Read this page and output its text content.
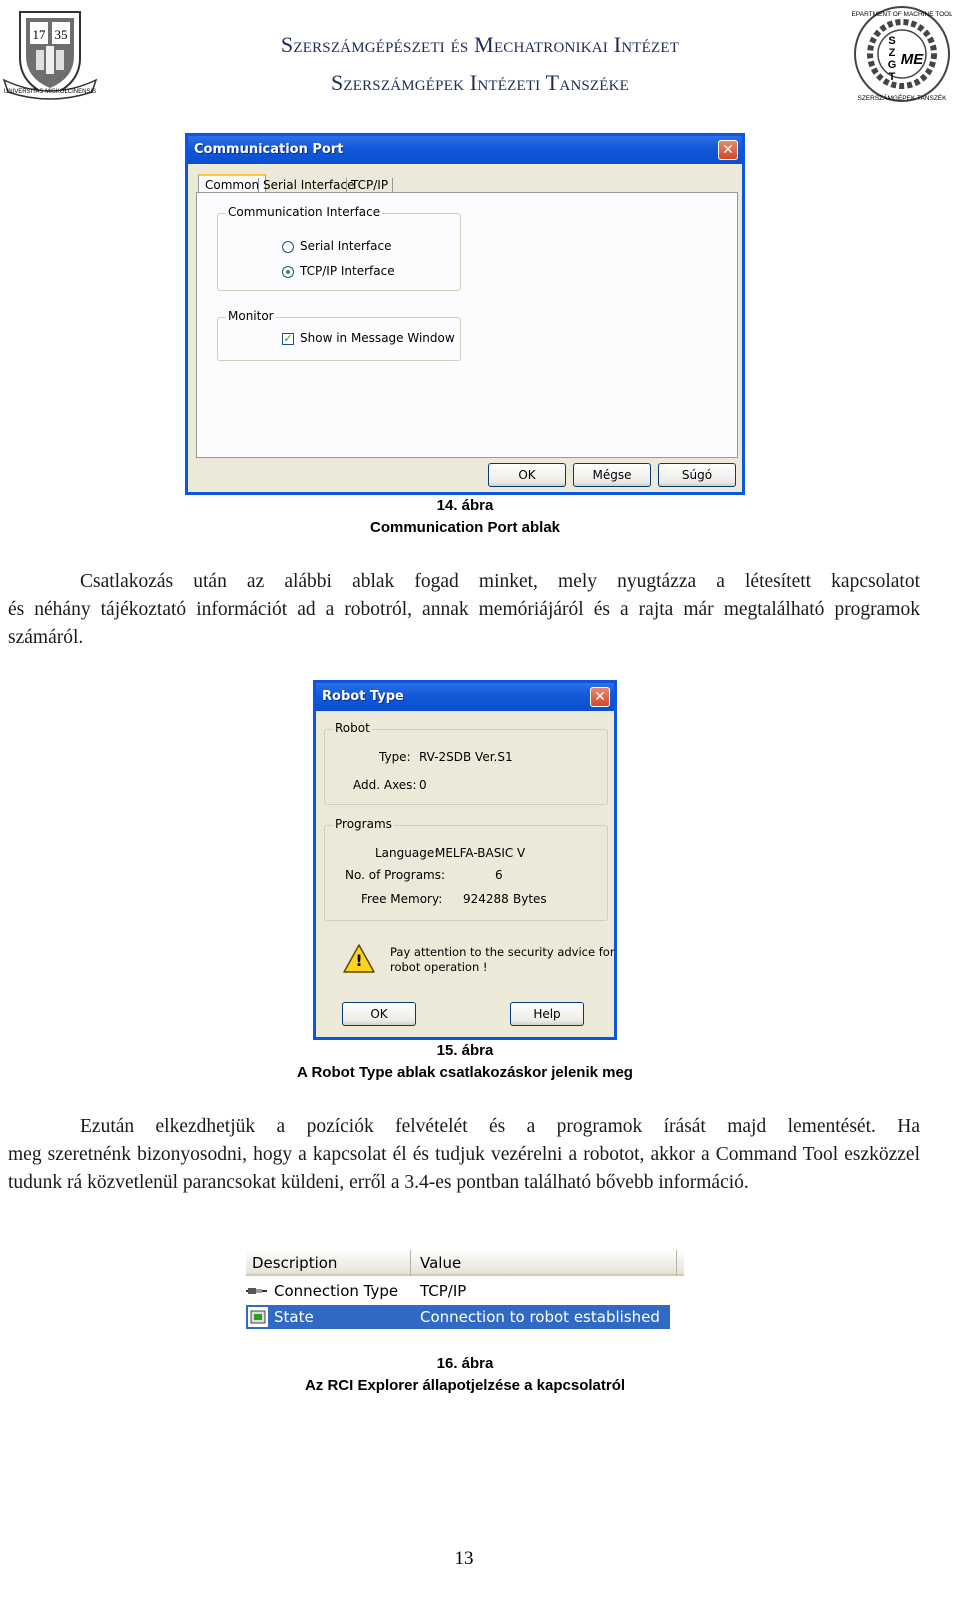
17 35
UNIVERSITAS MISKOLCINENSIS
Szerszámgépészeti és Mechatronikai Intézet
Szerszámgépek Intézeti Tanszéke
DEPARTMENT OF MACHINE TOOLS
SZERSZÁMGÉPEK TANSZÉK
S
Z
G
T
ME
Communication Port	✕
Common Serial Interface
TCP/IP
Communication Interface
Serial Interface
TCP/IP Interface
Monitor
✓ Show in Message Window
OK	Mégse	Súgó
14. ábra
Communication Port ablak
Csatlakozás után az alábbi ablak fogad minket, mely nyugtázza a létesített kapcsolatot
és néhány tájékoztató információt ad a robotról, annak memóriájáról és a rajta már megtalálható programok számáról.
Robot Type	✕
Robot
Type: RV-2SDB Ver.S1
Add. Axes: 0
Programs
Language:
MELFA-BASIC V
No. of Programs:	6
Free Memory: 924288 Bytes
!	Pay attention to the security advice for
robot operation !
OK	Help
15. ábra
A Robot Type ablak csatlakozáskor jelenik meg
Ezután elkezdhetjük a pozíciók felvételét és a programok írását majd lementését. Ha
meg szeretnénk bizonyosodni, hogy a kapcsolat él és tudjuk vezérelni a robotot, akkor a Command Tool eszközzel tudunk rá közvetlenül parancsokat küldeni, erről a 3.4-es pontban található bővebb információ.
Description	Value
Connection Type TCP/IP
State	Connection to robot established
16. ábra
Az RCI Explorer állapotjelzése a kapcsolatról
13
